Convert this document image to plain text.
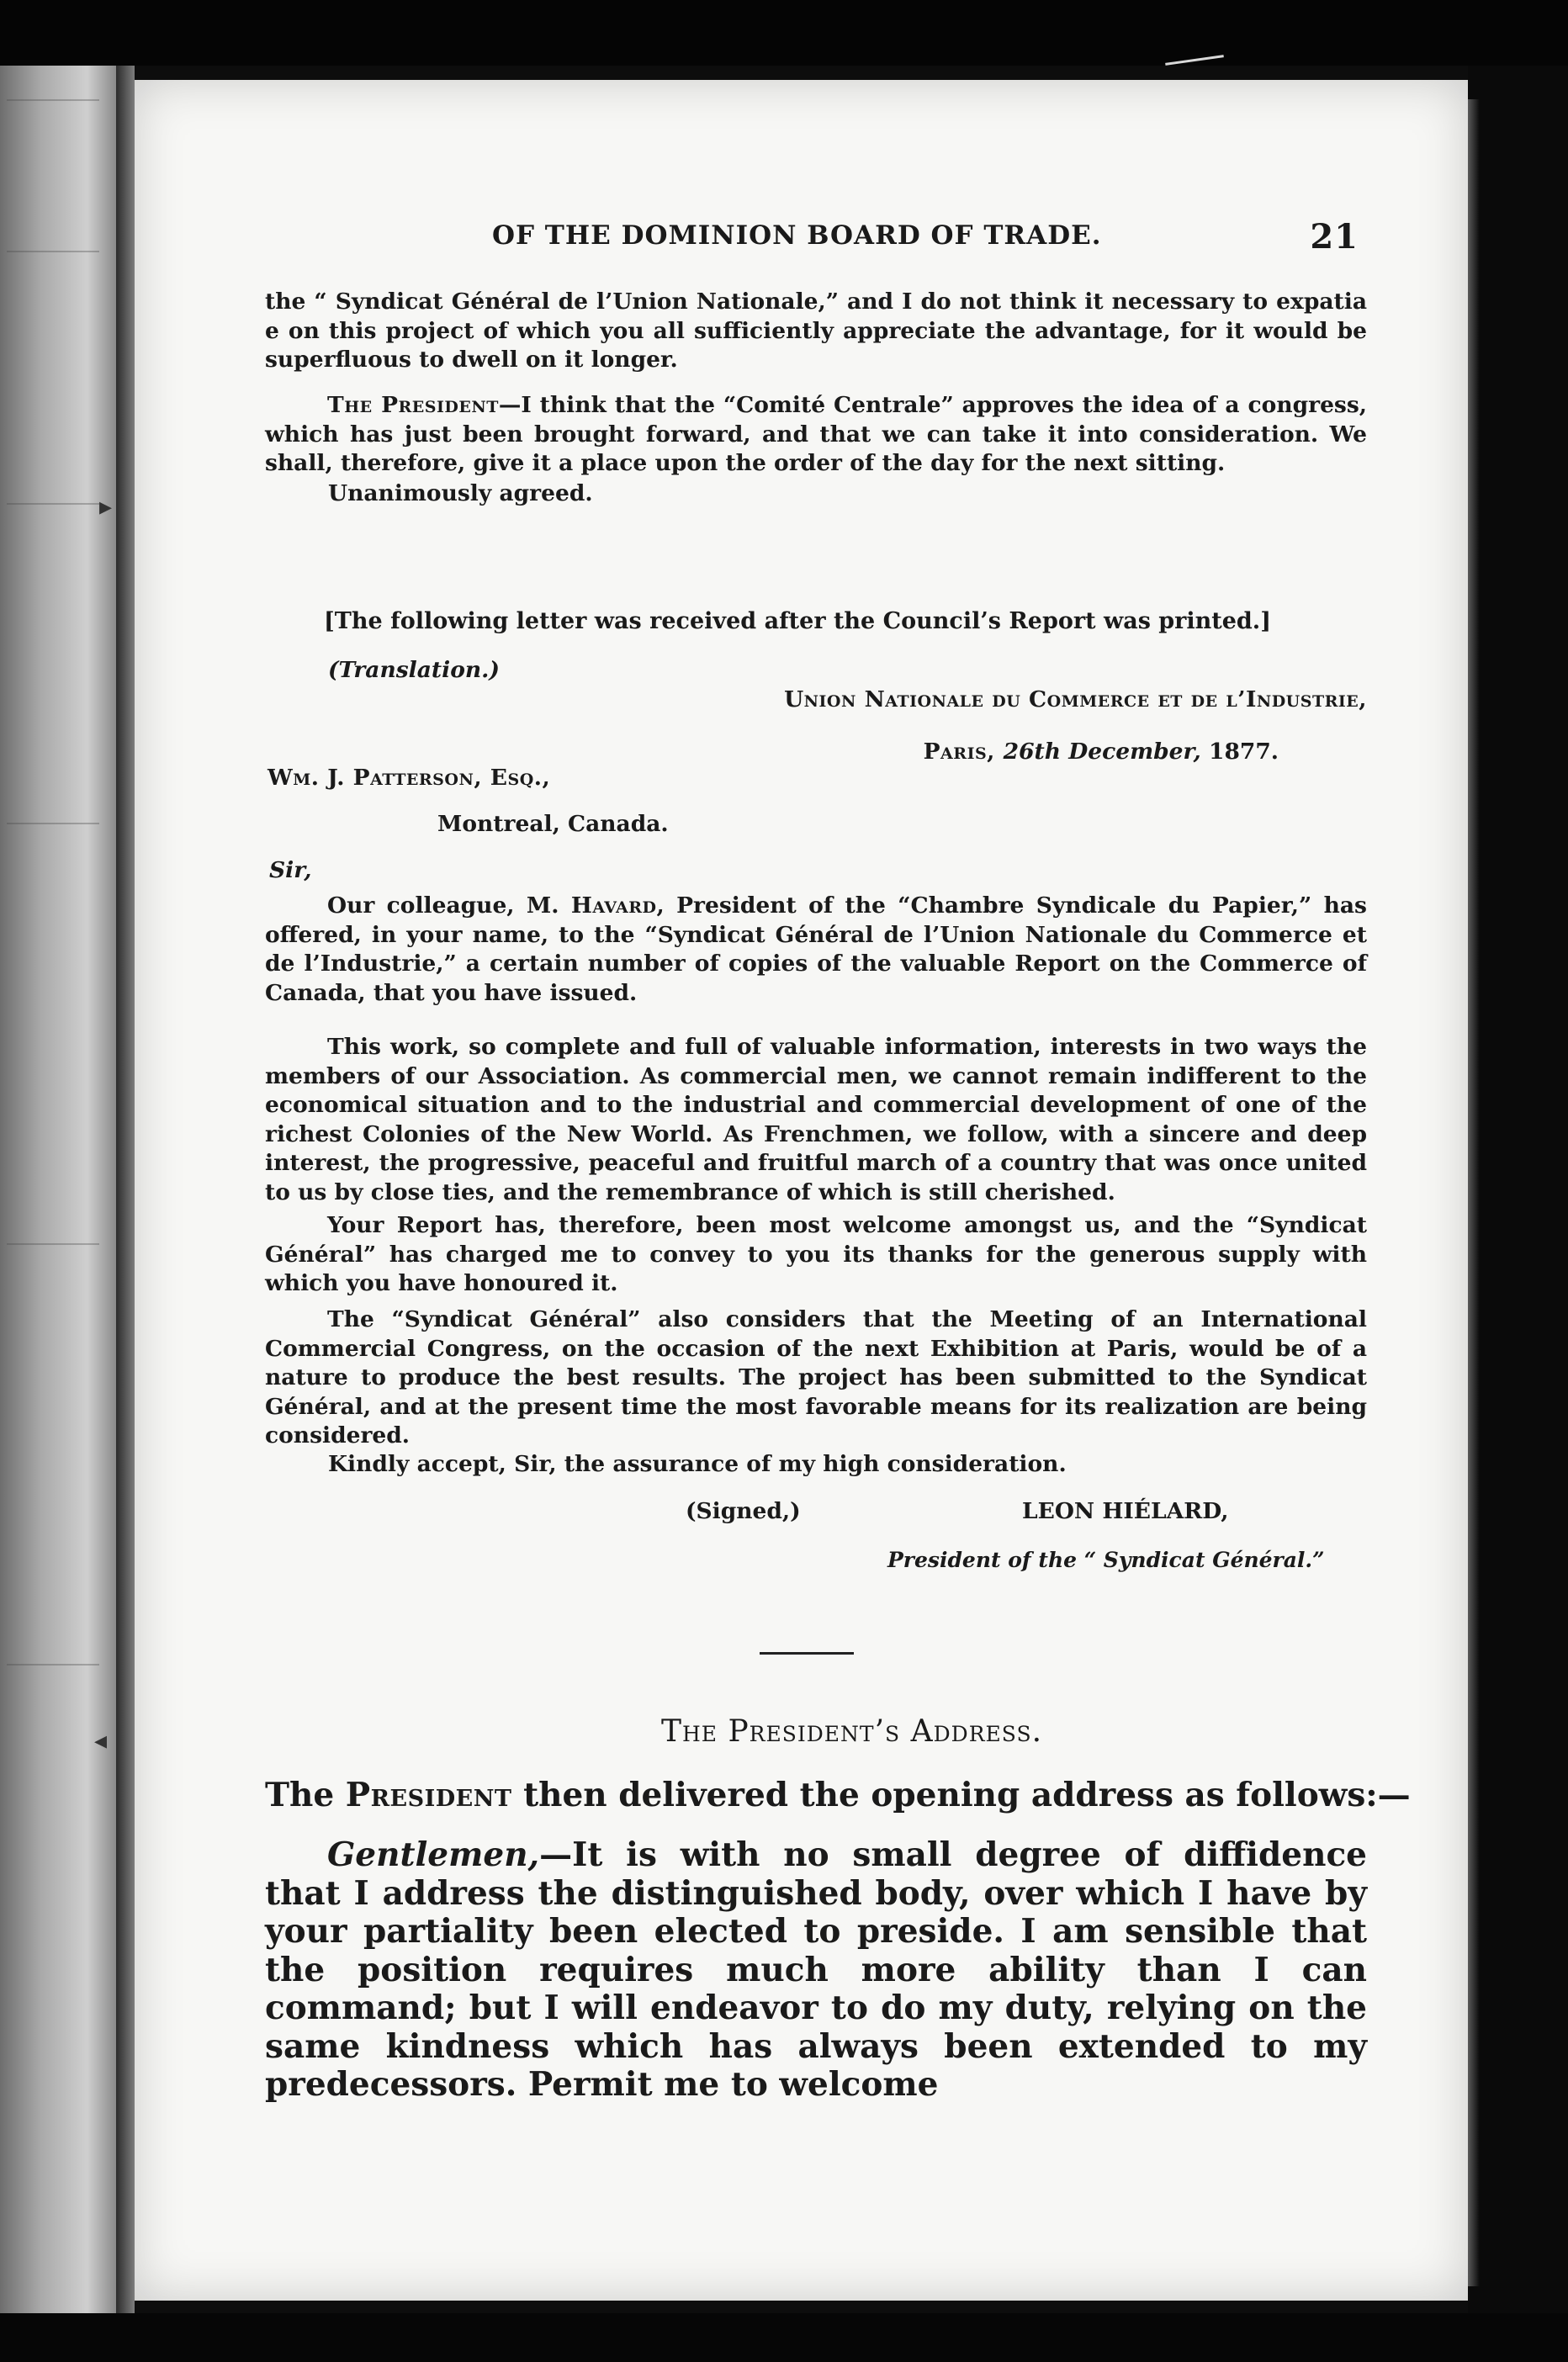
OF THE DOMINION BOARD OF TRADE.	21
the “ Syndicat Général de l’Union Nationale,” and I do not think it necessary to expatia e on this project of which you all sufficiently appreciate the advantage, for it would be superfluous to dwell on it longer.
The President—I think that the “Comité Centrale” approves the idea of a congress, which has just been brought forward, and that we can take it into consideration. We shall, therefore, give it a place upon the order of the day for the next sitting.
Unanimously agreed.
[The following letter was received after the Council’s Report was printed.]
(Translation.)
Union Nationale du Commerce et de l’Industrie,
Paris, 26th December, 1877.
Wm. J. Patterson, Esq.,
Montreal, Canada.
Sir,
Our colleague, M. Havard, President of the “Chambre Syndicale du Papier,” has offered, in your name, to the “Syndicat Général de l’Union Nationale du Commerce et de l’Industrie,” a certain number of copies of the valuable Report on the Commerce of Canada, that you have issued.
This work, so complete and full of valuable information, interests in two ways the members of our Association. As commercial men, we cannot remain indifferent to the economical situation and to the industrial and commercial development of one of the richest Colonies of the New World. As Frenchmen, we follow, with a sincere and deep interest, the progressive, peaceful and fruitful march of a country that was once united to us by close ties, and the remembrance of which is still cherished.
Your Report has, therefore, been most welcome amongst us, and the “Syndicat Général” has charged me to convey to you its thanks for the generous supply with which you have honoured it.
The “Syndicat Général” also considers that the Meeting of an International Commercial Congress, on the occasion of the next Exhibition at Paris, would be of a nature to produce the best results. The project has been submitted to the Syndicat Général, and at the present time the most favorable means for its realization are being considered.
Kindly accept, Sir, the assurance of my high consideration.
(Signed,)	LEON HIÉLARD,
President of the “ Syndicat Général.”
The President’s Address.
The President then delivered the opening address as follows:—
Gentlemen,—It is with no small degree of diffidence that I address the distinguished body, over which I have by your partiality been elected to preside. I am sensible that the position requires much more ability than I can command; but I will endeavor to do my duty, relying on the same kindness which has always been extended to my predecessors. Permit me to welcome
▸
◂
